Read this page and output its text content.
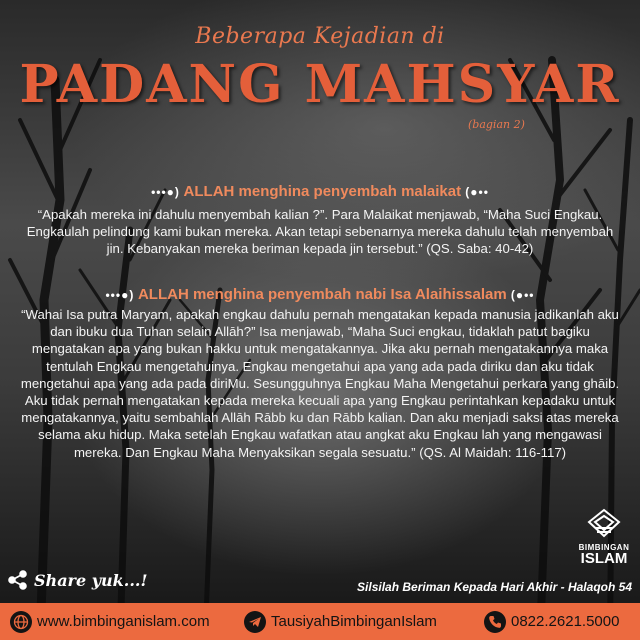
Beberapa Kejadian di
PADANG MAHSYAR
(bagian 2)
•••●) ALLAH menghina penyembah malaikat (●••
“Apakah mereka ini dahulu menyembah kalian ?”. Para Malaikat menjawab, “Maha Suci Engkau. Engkaulah pelindung kami bukan mereka. Akan tetapi sebenarnya mereka dahulu telah menyembah jin. Kebanyakan mereka beriman kepada jin tersebut.” (QS. Saba: 40-42)
•••●) ALLAH menghina penyembah nabi Isa Alaihissalam (●••
“Wahai Isa putra Maryam, apakah engkau dahulu pernah mengatakan kepada manusia jadikanlah aku dan ibuku dua Tuhan selain Allāh?” Isa menjawab, “Maha Suci engkau, tidaklah patut bagiku mengatakan apa yang bukan hakku untuk mengatakannya. Jika aku pernah mengatakannya maka tentulah Engkau mengetahuinya. Engkau mengetahui apa yang ada pada diriku dan aku tidak mengetahui apa yang ada pada diriMu. Sesungguhnya Engkau Maha Mengetahui perkara yang ghāib. Aku tidak pernah mengatakan kepada mereka kecuali apa yang Engkau perintahkan kepadaku untuk mengatakannya, yaitu sembahlah Allāh Rābb ku dan Rābb kalian. Dan aku menjadi saksi atas mereka selama aku hidup. Maka setelah Engkau wafatkan atau angkat aku Engkau lah yang mengawasi mereka. Dan Engkau Maha Menyaksikan segala sesuatu.” (QS. Al Maidah: 116-117)
BIMBINGAN
ISLAM
Share yuk...!	Silsilah Beriman Kepada Hari Akhir - Halaqoh 54
www.bimbinganislam.com	TausiyahBimbinganIslam	0822.2621.5000
